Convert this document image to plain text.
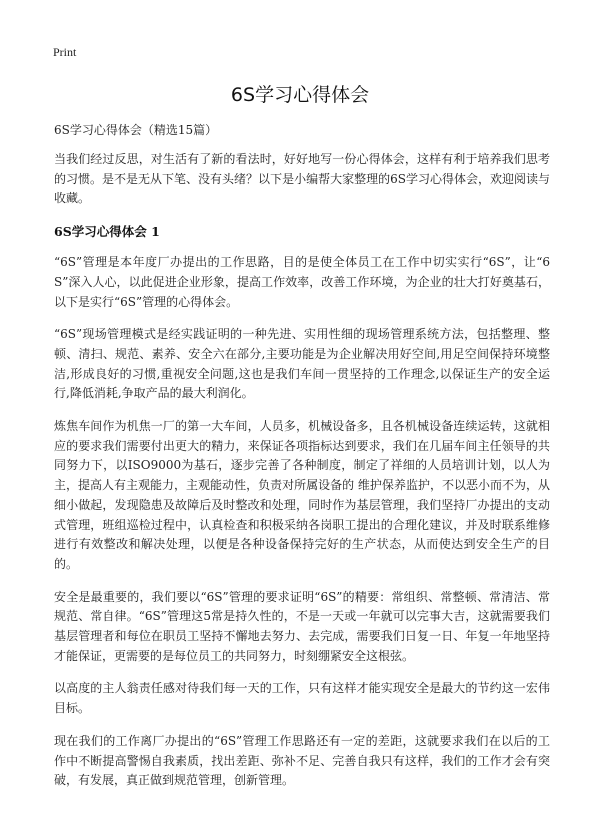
Print
6S学习心得体会

6S学习心得体会（精选15篇）

当我们经过反思，对生活有了新的看法时，好好地写一份心得体会，这样有利于培养我们思考的习惯。是不是无从下笔、没有头绪？以下是小编帮大家整理的6S学习心得体会，欢迎阅读与收藏。

6S学习心得体会 1

“6S”管理是本年度厂办提出的工作思路，目的是使全体员工在工作中切实实行“6S”，让“6S”深入人心，以此促进企业形象，提高工作效率，改善工作环境，为企业的壮大打好奠基石，以下是实行“6S”管理的心得体会。

“6S”现场管理模式是经实践证明的一种先进、实用性细的现场管理系统方法，包括整理、整顿、清扫、规范、素养、安全六在部分,主要功能是为企业解决用好空间,用足空间保持环境整洁,形成良好的习惯,重视安全问题,这也是我们车间一贯坚持的工作理念,以保证生产的安全运行,降低消耗,争取产品的最大利润化。

炼焦车间作为机焦一厂的第一大车间，人员多，机械设备多，且各机械设备连续运转，这就相应的要求我们需要付出更大的精力，来保证各项指标达到要求，我们在几届车间主任领导的共同努力下，以ISO9000为基石，逐步完善了各种制度，制定了祥细的人员培训计划，以人为主，提高人有主观能力，主观能动性，负责对所属设备的 维护保养监护，不以恶小而不为，从细小做起，发现隐患及故障后及时整改和处理，同时作为基层管理，我们坚持厂办提出的支动式管理，班组巡检过程中，认真检查和积极采纳各岗职工提出的合理化建议，并及时联系维修进行有效整改和解决处理，以便是各种设备保持完好的生产状态，从而使达到安全生产的目的。

安全是最重要的，我们要以“6S”管理的要求证明“6S”的精要：常组织、常整顿、常清洁、常规范、常自律。“6S”管理这5常是持久性的，不是一天或一年就可以完事大吉，这就需要我们基层管理者和每位在职员工坚持不懈地去努力、去完成，需要我们日复一日、年复一年地坚持才能保证，更需要的是每位员工的共同努力，时刻绷紧安全这根弦。

以高度的主人翁责任感对待我们每一天的工作，只有这样才能实现安全是最大的节约这一宏伟目标。

现在我们的工作离厂办提出的“6S”管理工作思路还有一定的差距，这就要求我们在以后的工作中不断提高警惕自我素质，找出差距、弥补不足、完善自我只有这样，我们的工作才会有突破，有发展，真正做到规范管理，创新管理。
